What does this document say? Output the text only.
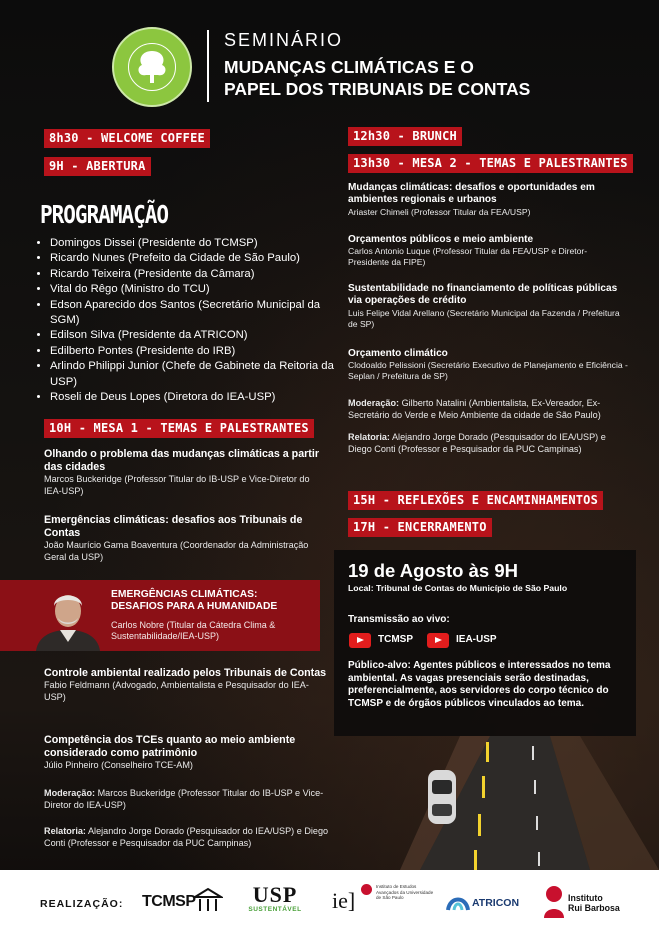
SEMINÁRIO
MUDANÇAS CLIMÁTICAS E O
PAPEL DOS TRIBUNAIS DE CONTAS
8h30 - WELCOME COFFEE
9H - ABERTURA
PROGRAMAÇÃO
• Domingos Dissei (Presidente do TCMSP)
• Ricardo Nunes (Prefeito da Cidade de São Paulo)
• Ricardo Teixeira (Presidente da Câmara)
• Vital do Rêgo (Ministro do TCU)
• Edson Aparecido dos Santos (Secretário Municipal da SGM)
• Edilson Silva (Presidente da ATRICON)
• Edilberto Pontes (Presidente do IRB)
• Arlindo Philippi Junior (Chefe de Gabinete da Reitoria da USP)
• Roseli de Deus Lopes (Diretora do IEA-USP)
10H - MESA 1 - TEMAS E PALESTRANTES
Olhando o problema das mudanças climáticas a partir das cidades
Marcos Buckeridge (Professor Titular do IB-USP e Vice-Diretor do IEA-USP)
Emergências climáticas: desafios aos Tribunais de Contas
João Maurício Gama Boaventura (Coordenador da Administração Geral da USP)
EMERGÊNCIAS CLIMÁTICAS: DESAFIOS PARA A HUMANIDADE
Carlos Nobre (Titular da Cátedra Clima & Sustentabilidade/IEA-USP)
Controle ambiental realizado pelos Tribunais de Contas
Fabio Feldmann (Advogado, Ambientalista e Pesquisador do IEA-USP)
Competência dos TCEs quanto ao meio ambiente considerado como patrimônio
Júlio Pinheiro (Conselheiro TCE-AM)
Moderação: Marcos Buckeridge (Professor Titular do IB-USP e Vice-Diretor do IEA-USP)
Relatoria: Alejandro Jorge Dorado (Pesquisador do IEA/USP) e Diego Conti (Professor e Pesquisador da PUC Campinas)
12h30 - BRUNCH
13h30 - MESA 2 - TEMAS E PALESTRANTES
Mudanças climáticas: desafios e oportunidades em ambientes regionais e urbanos
Ariaster Chimeli (Professor Titular da FEA/USP)
Orçamentos públicos e meio ambiente
Carlos Antonio Luque (Professor Titular da FEA/USP e Diretor-Presidente da FIPE)
Sustentabilidade no financiamento de políticas públicas via operações de crédito
Luis Felipe Vidal Arellano (Secretário Municipal da Fazenda / Prefeitura de SP)
Orçamento climático
Clodoaldo Pelissioni (Secretário Executivo de Planejamento e Eficiência - Seplan / Prefeitura de SP)
Moderação: Gilberto Natalini (Ambientalista, Ex-Vereador, Ex-Secretário do Verde e Meio Ambiente da cidade de São Paulo)
Relatoria: Alejandro Jorge Dorado (Pesquisador do IEA/USP) e Diego Conti (Professor e Pesquisador da PUC Campinas)
15H - REFLEXÕES E ENCAMINHAMENTOS
17H - ENCERRAMENTO
19 de Agosto às 9H
Local: Tribunal de Contas do Município de São Paulo
Transmissão ao vivo:
TCMSP	IEA-USP
Público-alvo: Agentes públicos e interessados no tema ambiental. As vagas presenciais serão destinadas, preferencialmente, aos servidores do corpo técnico do TCMSP e de órgãos públicos vinculados ao tema.
REALIZAÇÃO: TCMSP	USP
SUSTENTÁVEL ie]
Instituto de Estudos Avançados da Universidade de São Paulo	ATRICON	Instituto
Rui Barbosa
